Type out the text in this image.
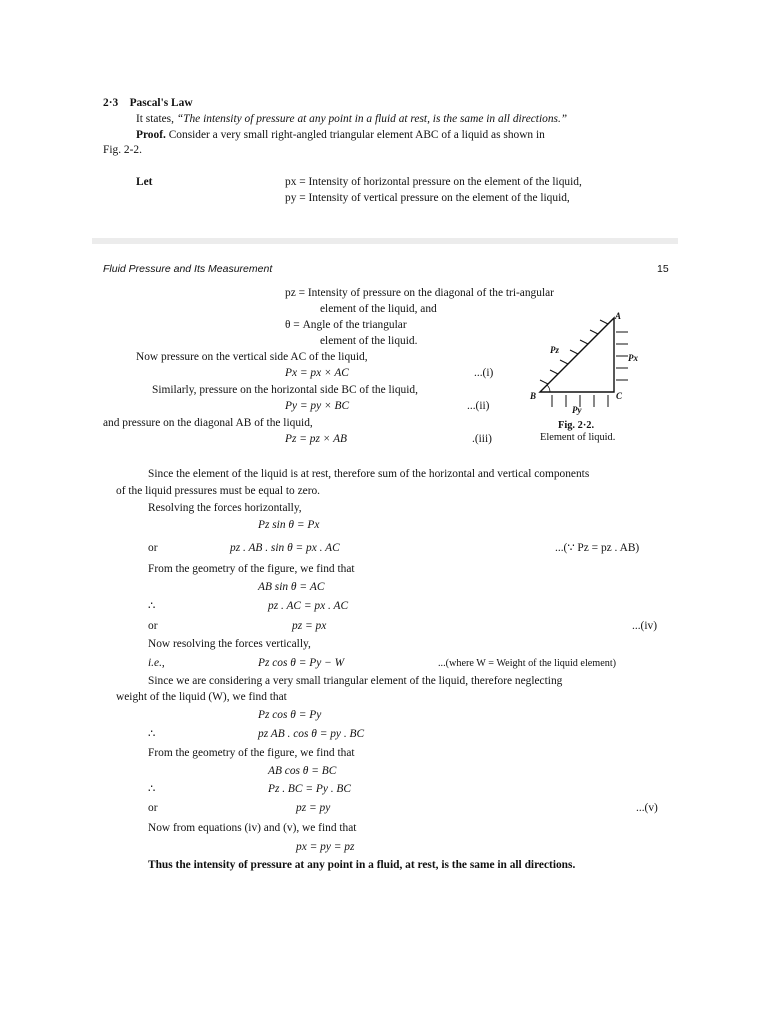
2·3 Pascal's Law
It states, “The intensity of pressure at any point in a fluid at rest, is the same in all directions.”
Proof. Consider a very small right-angled triangular element ABC of a liquid as shown in
Fig. 2-2.
Let	px = Intensity of horizontal pressure on the element of the liquid,
py = Intensity of vertical pressure on the element of the liquid,
Fluid Pressure and Its Measurement	15
pz = Intensity of pressure on the diagonal of the tri-angular
element of the liquid, and
θ = Angle of the triangular
element of the liquid.
Now pressure on the vertical side AC of the liquid,
Px = px × AC	...(i)
Similarly, pressure on the horizontal side BC of the liquid,
Py = py × BC	...(ii)
and pressure on the diagonal AB of the liquid,
Pz = pz × AB	.(iii)
Since the element of the liquid is at rest, therefore sum of the horizontal and vertical components
of the liquid pressures must be equal to zero.
Resolving the forces horizontally,
Pz sin θ = Px
or	pz . AB . sin θ = px . AC	...(∵ Pz = pz . AB)
From the geometry of the figure, we find that
AB sin θ = AC
∴	pz . AC = px . AC
or	pz = px	...(iv)
Now resolving the forces vertically,
i.e.,	Pz cos θ = Py − W	...(where W = Weight of the liquid element)
Since we are considering a very small triangular element of the liquid, therefore neglecting
weight of the liquid (W), we find that
Pz cos θ = Py
∴	pz AB . cos θ = py . BC
From the geometry of the figure, we find that
AB cos θ = BC
∴	Pz . BC = Py . BC
or	pz = py	...(v)
Now from equations (iv) and (v), we find that
px = py = pz
Thus the intensity of pressure at any point in a fluid, at rest, is the same in all directions.
A
B	C
Pz
Px
Py
Fig. 2·2.
Element of liquid.
